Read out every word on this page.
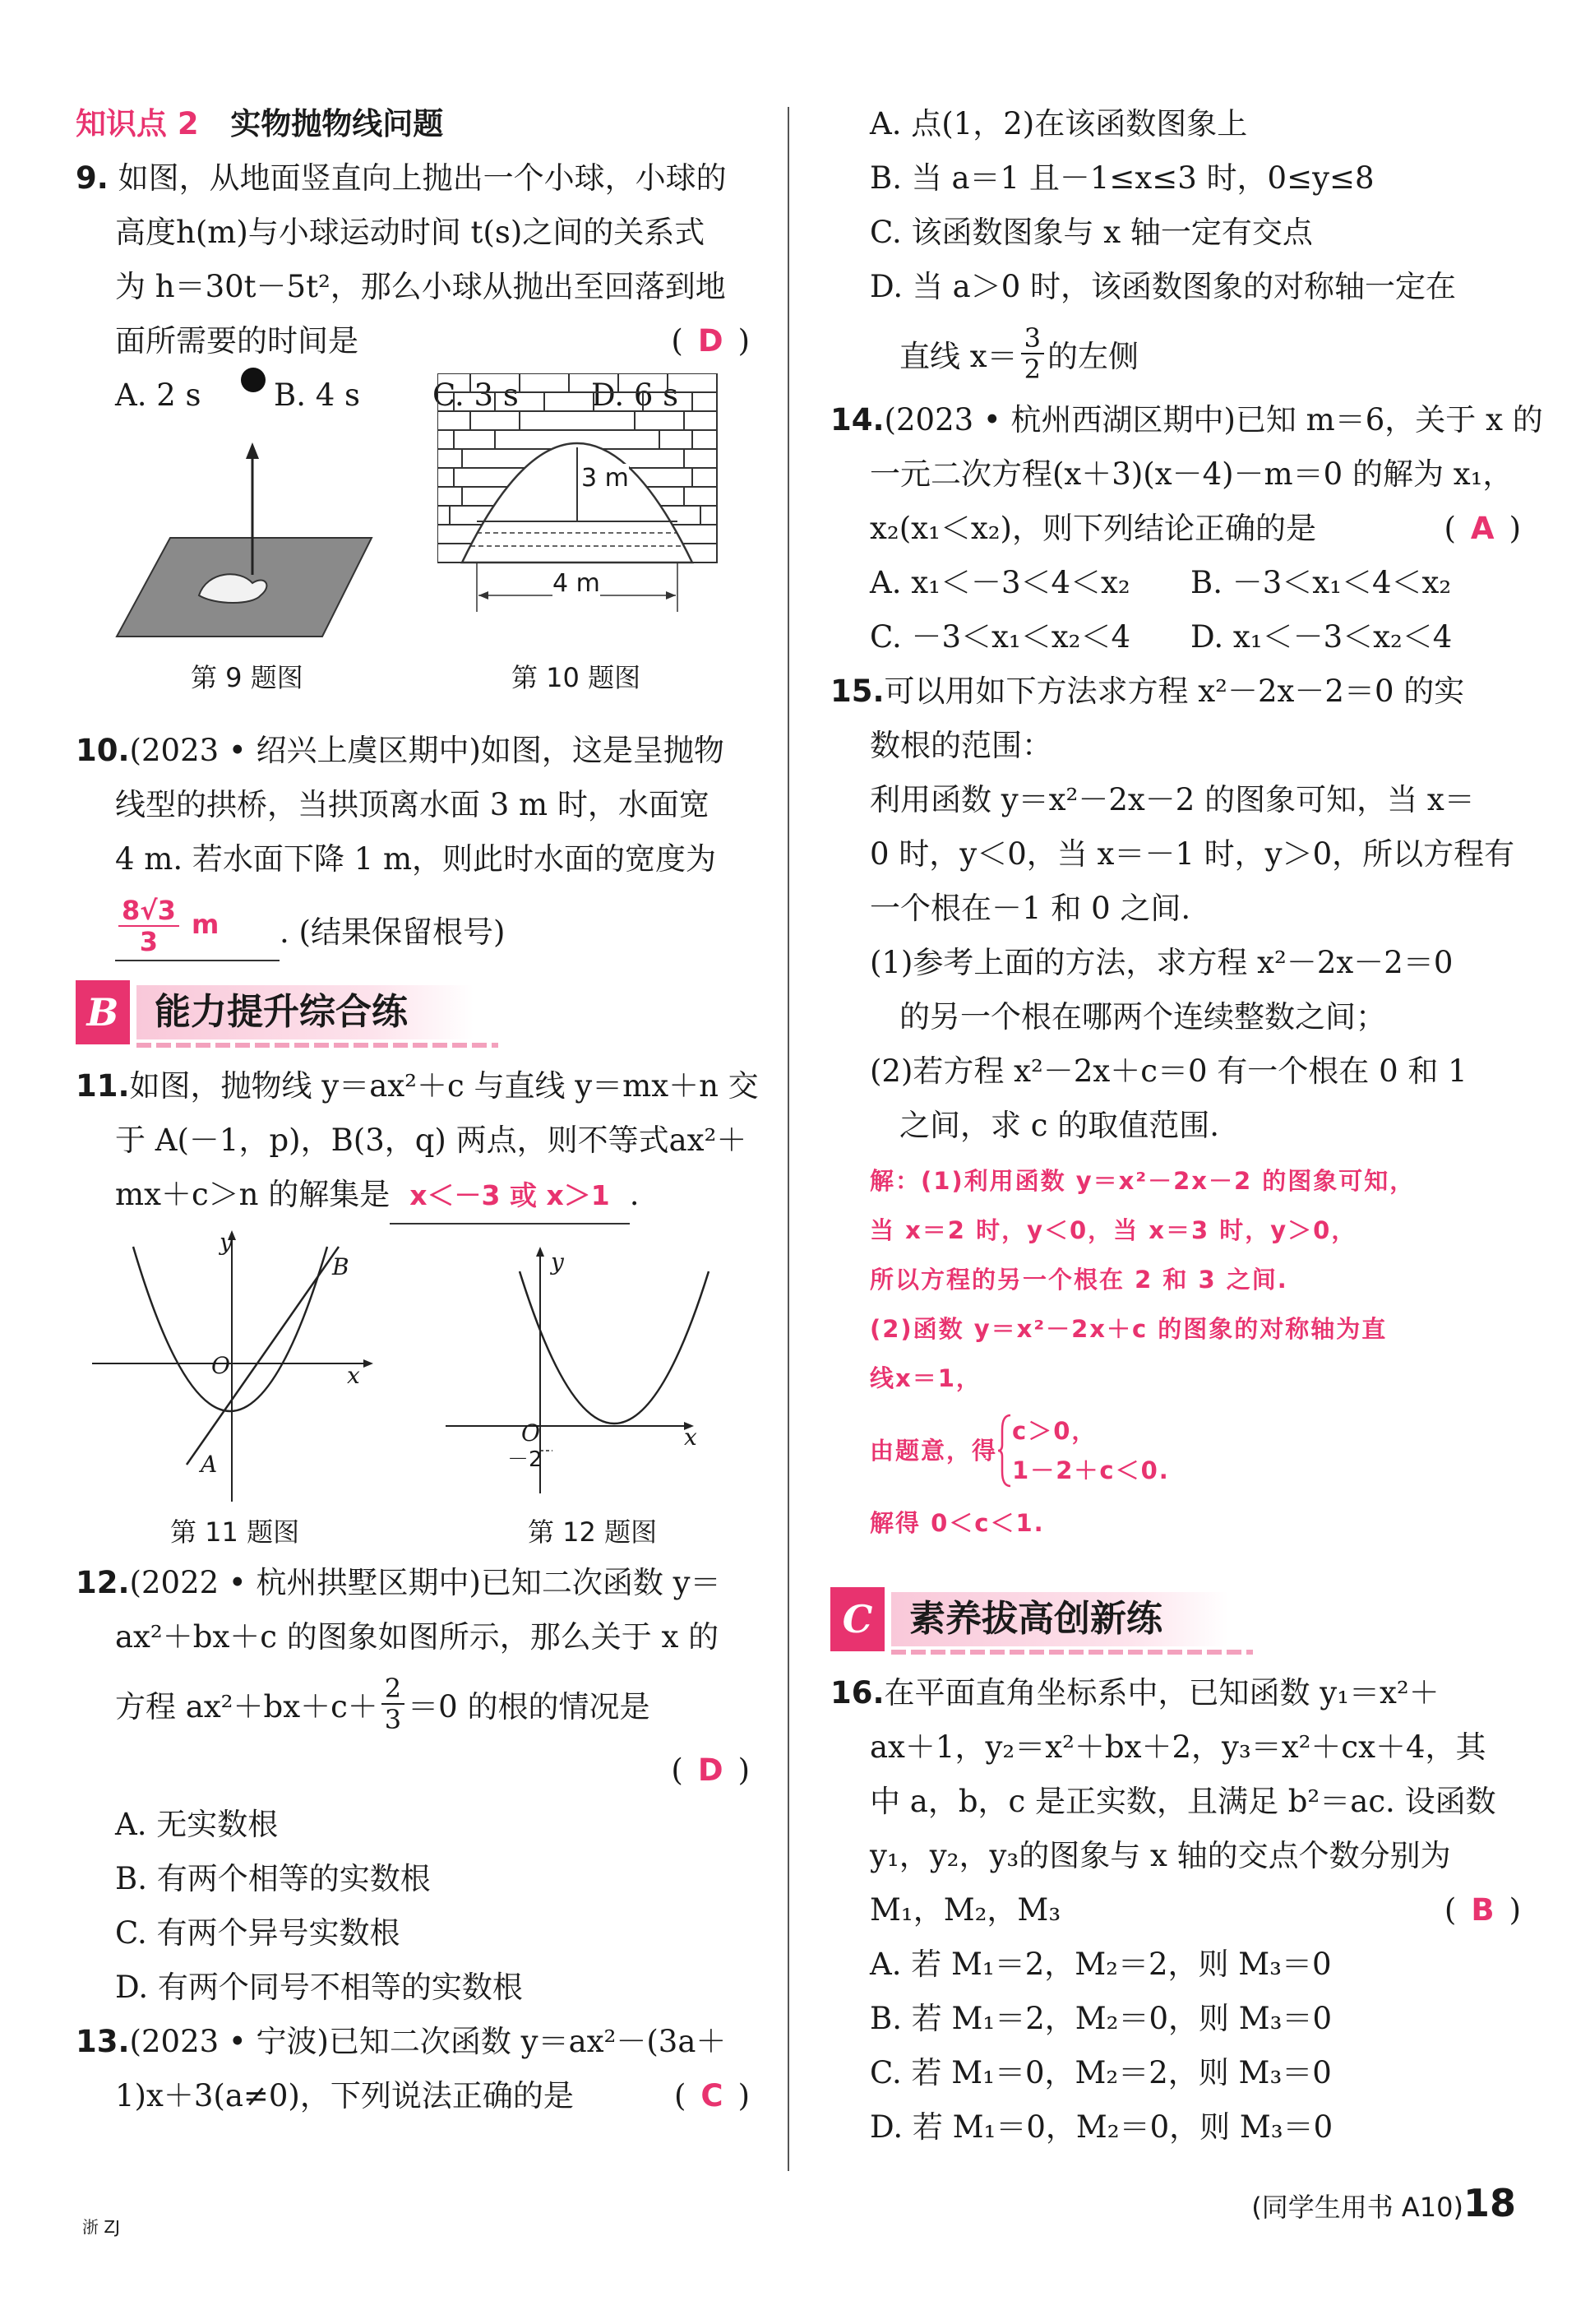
知识点 2 实物抛物线问题
9. 如图，从地面竖直向上抛出一个小球，小球的
高度h(m)与小球运动时间 t(s)之间的关系式
为 h＝30t－5t²，那么小球从抛出至回落到地
面所需要的时间是	( D )
A. 2 s	B. 4 s	C. 3 s	D. 6 s
第 9 题图
3 m
4 m
第 10 题图
10.(2023 • 绍兴上虞区期中)如图，这是呈抛物
线型的拱桥，当拱顶离水面 3 m 时，水面宽
4 m. 若水面下降 1 m，则此时水面的宽度为
$\frac{8√3}{3}$ m	. (结果保留根号)
B 能力提升综合练
11.如图，抛物线 y＝ax²＋c 与直线 y＝mx＋n 交
于 A(－1，p)，B(3，q) 两点，则不等式ax²＋
mx＋c＞n 的解集是 x＜－3 或 x＞1 .
y
x
O
A
B
第 11 题图
y
x
O
－2
第 12 题图
12.(2022 • 杭州拱墅区期中)已知二次函数 y＝
ax²＋bx＋c 的图象如图所示，那么关于 x 的
方程 $ax^2+bx+c+ \frac{2}{3} =0$ 的根的情况是
( D )
A. 无实数根
B. 有两个相等的实数根
C. 有两个异号实数根
D. 有两个同号不相等的实数根
13.(2023 • 宁波)已知二次函数 y＝ax²－(3a＋
1)x＋3(a≠0)，下列说法正确的是	( C )
A. 点(1，2)在该函数图象上
B. 当 a＝1 且－1≤x≤3 时，0≤y≤8
C. 该函数图象与 x 轴一定有交点
D. 当 a＞0 时，该函数图象的对称轴一定在
直线 $x= \frac{3}{2}$ 的左侧
14.(2023 • 杭州西湖区期中)已知 m＝6，关于 x 的
一元二次方程(x＋3)(x－4)－m＝0 的解为 x₁，
x₂(x₁＜x₂)，则下列结论正确的是	( A )
A. x₁＜－3＜4＜x₂	B. －3＜x₁＜4＜x₂
C. －3＜x₁＜x₂＜4	D. x₁＜－3＜x₂＜4
15.可以用如下方法求方程 x²－2x－2＝0 的实
数根的范围：
利用函数 y＝x²－2x－2 的图象可知，当 x＝
0 时，y＜0，当 x＝－1 时，y＞0，所以方程有
一个根在－1 和 0 之间.
(1)参考上面的方法，求方程 x²－2x－2＝0
的另一个根在哪两个连续整数之间；
(2)若方程 x²－2x＋c＝0 有一个根在 0 和 1
之间，求 c 的取值范围.
解：(1)利用函数 y＝x²－2x－2 的图象可知，
当 x＝2 时，y＜0，当 x＝3 时，y＞0，
所以方程的另一个根在 2 和 3 之间.
(2)函数 y＝x²－2x＋c 的图象的对称轴为直
线x＝1，
由题意，得
c＞0，
1－2＋c＜0.
解得 0＜c＜1.
C	素养拔高创新练
16.在平面直角坐标系中，已知函数 y₁＝x²＋
ax＋1，y₂＝x²＋bx＋2，y₃＝x²＋cx＋4，其
中 a，b，c 是正实数，且满足 b²＝ac. 设函数
y₁，y₂，y₃的图象与 x 轴的交点个数分别为
M₁，M₂，M₃	( B )
A. 若 M₁＝2，M₂＝2，则 M₃＝0
B. 若 M₁＝2，M₂＝0，则 M₃＝0
C. 若 M₁＝0，M₂＝2，则 M₃＝0
D. 若 M₁＝0，M₂＝0，则 M₃＝0
浙 ZJ
(同学生用书 A10)18
